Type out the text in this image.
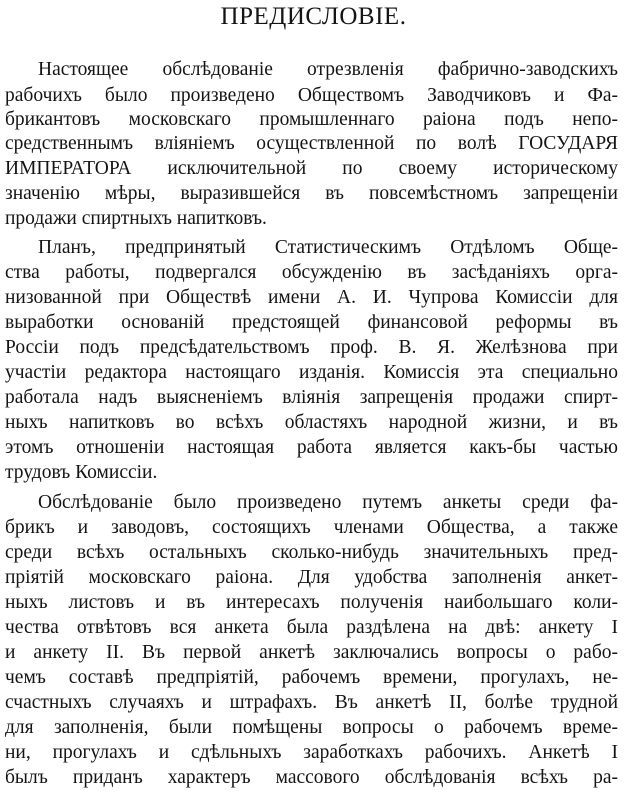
ПРЕДИСЛОВIЕ.
Настоящее обслѣдованiе отрезвленiя фабрично-заводскихъ
рабочихъ было произведено Обществомъ Заводчиковъ и Фа-
брикантовъ московскаго промышленнаго раiона подъ непо-
средственнымъ влiянiемъ осуществленной по волѣ ГОСУДАРЯ
ИМПЕРАТОРА исключительной по своему историческому
значенiю мѣры, выразившейся въ повсемѣстномъ запрещенiи
продажи спиртныхъ напитковъ.
Планъ, предпринятый Статистическимъ Отдѣломъ Обще-
ства работы, подвергался обсужденiю въ засѣданiяхъ орга-
низованной при Обществѣ имени А. И. Чупрова Комиссiи для
выработки основанiй предстоящей финансовой реформы въ
Россiи подъ предсѣдательствомъ проф. В. Я. Желѣзнова при
участiи редактора настоящаго изданiя. Комиссiя эта специально
работала надъ выясненiемъ влiянiя запрещенiя продажи спирт-
ныхъ напитковъ во всѣхъ областяхъ народной жизни, и въ
этомъ отношенiи настоящая работа является какъ-бы частью
трудовъ Комиссiи.
Обслѣдованiе было произведено путемъ анкеты среди фа-
брикъ и заводовъ, состоящихъ членами Общества, а также
среди всѣхъ остальныхъ сколько-нибудь значительныхъ пред-
прiятiй московскаго раiона. Для удобства заполненiя анкет-
ныхъ листовъ и въ интересахъ полученiя наибольшаго коли-
чества отвѣтовъ вся анкета была раздѣлена на двѣ: анкету I
и анкету II. Въ первой анкетѣ заключались вопросы о рабо-
чемъ составѣ предпрiятiй, рабочемъ времени, прогулахъ, не-
счастныхъ случаяхъ и штрафахъ. Въ анкетѣ II, болѣе трудной
для заполненiя, были помѣщены вопросы о рабочемъ време-
ни, прогулахъ и сдѣльныхъ заработкахъ рабочихъ. Анкетѣ I
былъ приданъ характеръ массового обслѣдованiя всѣхъ ра-
